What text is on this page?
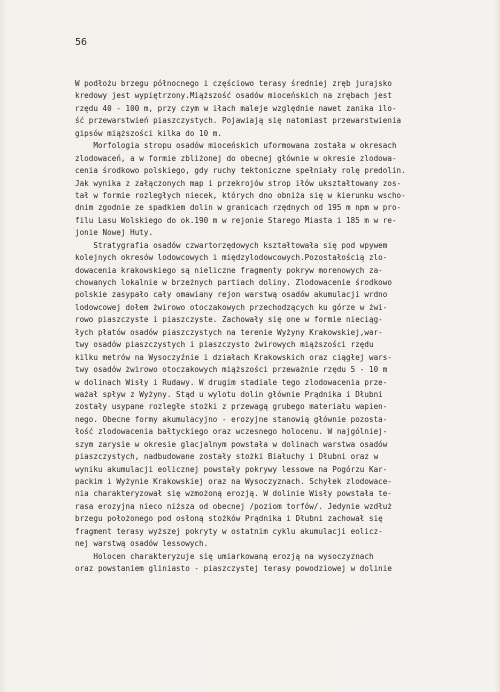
56
W podłożu brzegu północnego i częściowo terasy średniej zręb jurajsko
kredowy jest wypiętrzony.Miąższość osadów mioceńskich na zrębach jest
rzędu 40 - 100 m, przy czym w iłach maleje względnie nawet zanika ilo-
ść przewarstwień piaszczystych. Pojawiają się natomiast przewarstwienia
gipsów miąższości kilka do 10 m.
Morfologia stropu osadów mioceńskich uformowana została w okresach
zlodowaceń, a w formie zbliżonej do obecnej głównie w okresie zlodowa-
cenia środkowo polskiego, gdy ruchy tektoniczne spełniały rolę predolin.
Jak wynika z załączonych map i przekrojów strop iłów ukształtowany zos-
tał w formie rozległych niecek, których dno obniża się w kierunku wscho-
dnim zgodnie ze spadkiem dolin w granicach rzędnych od 195 m npm w pro-
filu Lasu Wolskiego do ok.190 m w rejonie Starego Miasta i 185 m w re-
jonie Nowej Huty.
Stratygrafia osadów czwartorzędowych kształtowała się pod wpywem
kolejnych okresów lodowcowych i międzylodowcowych.Pozostałością zlo-
dowacenia krakowskiego są nieliczne fragmenty pokryw morenowych za-
chowanych lokalnie w brzeżnych partiach doliny. Zlodowacenie środkowo
polskie zasypało cały omawiany rejon warstwą osadów akumulacji wrdno
lodowcowej dołem żwirowo otoczakowych przechodzących ku górze w żwi-
rowo piaszczyste i piaszczyste. Zachowały się one w formie nieciąg-
łych płatów osadów piaszczystych na terenie Wyżyny Krakowskiej,war-
twy osadów piaszczystych i piaszczysto żwirowych miąższości rzędu
kilku metrów na Wysoczyźnie i działach Krakowskich oraz ciągłej wars-
twy osadów żwirowo otoczakowych miąższości przeważnie rzędu 5 - 10 m
w dolinach Wisły i Rudawy. W drugim stadiale tego zlodowacenia prze-
ważał spływ z Wyżyny. Stąd u wylotu dolin głównie Prądnika i Dłubni
zostały usypane rozległe stożki z przewagą grubego materiału wapien-
nego. Obecne formy akumulacyjno - erozyjne stanowią głównie pozosta-
łość zlodowacenia bałtyckiego oraz wczesnego holocenu. W najgólniej-
szym zarysie w okresie glacjalnym powstała w dolinach warstwa osadów
piaszczystych, nadbudowane zostały stożki Białuchy i Dłubni oraz w
wyniku akumulacji eolicznej powstały pokrywy lessowe na Pogórzu Kar-
packim i Wyżynie Krakowskiej oraz na Wysoczyznach. Schyłek zlodowace-
nia charakteryzował się wzmożoną erozją. W dolinie Wisły powstała te-
rasa erozyjna nieco niższa od obecnej /poziom torfów/. Jedynie wzdłuż
brzegu położonego pod osłoną stożków Prądnika i Dłubni zachował się
fragment terasy wyższej pokryty w ostatnim cyklu akumulacji eolicz-
nej warstwą osadów lessowych.
Holocen charakteryzuje się umiarkowaną erozją na wysoczyznach
oraz powstaniem gliniasto - piaszczystej terasy powodziowej w dolinie
